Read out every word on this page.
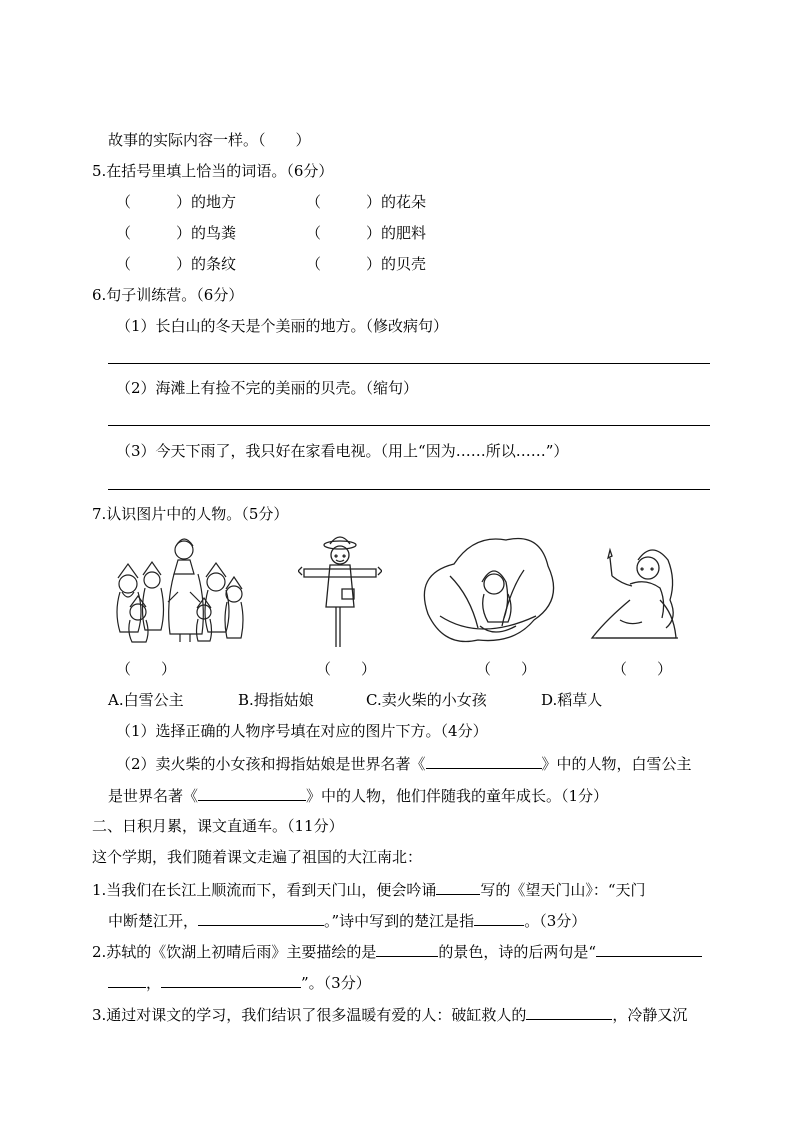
故事的实际内容一样。（　　）
5.在括号里填上恰当的词语。（6分）
（　　　）的地方	（　　　）的花朵
（　　　）的鸟粪	（　　　）的肥料
（　　　）的条纹	（　　　）的贝壳
6.句子训练营。（6分）
（1）长白山的冬天是个美丽的地方。（修改病句）
（2）海滩上有捡不完的美丽的贝壳。（缩句）
（3）今天下雨了，我只好在家看电视。（用上“因为……所以……”）
7.认识图片中的人物。（5分）
（　　）	（　　）	（　　）	（　　）
A.白雪公主	B.拇指姑娘	C.卖火柴的小女孩	D.稻草人
（1）选择正确的人物序号填在对应的图片下方。（4分）
（2）卖火柴的小女孩和拇指姑娘是世界名著《	》中的人物，白雪公主
是世界名著《	》中的人物，他们伴随我的童年成长。（1分）
二、日积月累，课文直通车。（11分）
这个学期，我们随着课文走遍了祖国的大江南北：
1.当我们在长江上顺流而下，看到天门山，便会吟诵	写的《望天门山》：“天门
中断楚江开，	。”诗中写到的楚江是指	。（3分）
2.苏轼的《饮湖上初晴后雨》主要描绘的是	的景色，诗的后两句是“
，	”。（3分）
3.通过对课文的学习，我们结识了很多温暖有爱的人：破缸救人的	，冷静又沉
